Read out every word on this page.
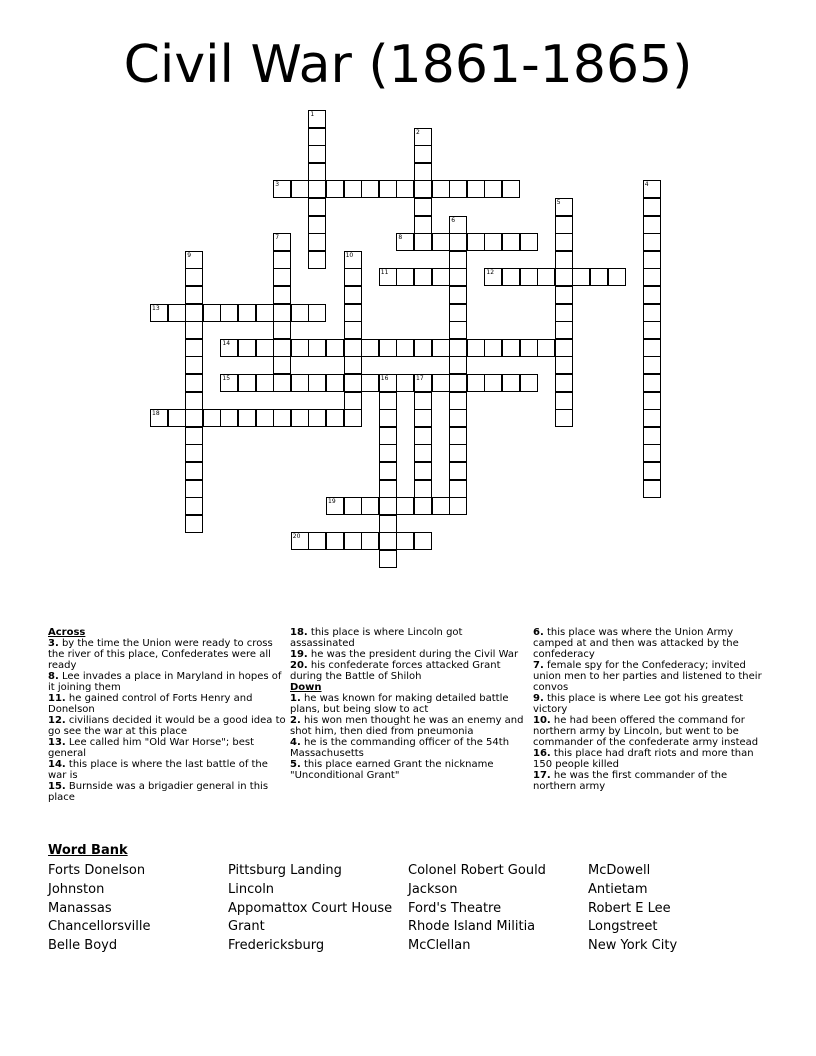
Civil War (1861-1865)
1
2
3	4
5
6
7	8
9	10
11	12
13
14
15	16	17
18
19
20
Across
3. by the time the Union were ready to cross the river of this place, Confederates were all ready
8. Lee invades a place in Maryland in hopes of it joining them
11. he gained control of Forts Henry and Donelson
12. civilians decided it would be a good idea to go see the war at this place
13. Lee called him "Old War Horse"; best general
14. this place is where the last battle of the war is
15. Burnside was a brigadier general in this place
18. this place is where Lincoln got assassinated
19. he was the president during the Civil War
20. his confederate forces attacked Grant during the Battle of Shiloh
Down
1. he was known for making detailed battle plans, but being slow to act
2. his won men thought he was an enemy and shot him, then died from pneumonia
4. he is the commanding officer of the 54th Massachusetts
5. this place earned Grant the nickname "Unconditional Grant"
6. this place was where the Union Army camped at and then was attacked by the confederacy
7. female spy for the Confederacy; invited union men to her parties and listened to their convos
9. this place is where Lee got his greatest victory
10. he had been offered the command for northern army by Lincoln, but went to be commander of the confederate army instead
16. this place had draft riots and more than 150 people killed
17. he was the first commander of the northern army
Word Bank
Forts Donelson
Johnston
Manassas
Chancellorsville
Belle Boyd
Pittsburg Landing
Lincoln
Appomattox Court House
Grant
Fredericksburg
Colonel Robert Gould
Jackson
Ford's Theatre
Rhode Island Militia
McClellan
McDowell
Antietam
Robert E Lee
Longstreet
New York City
